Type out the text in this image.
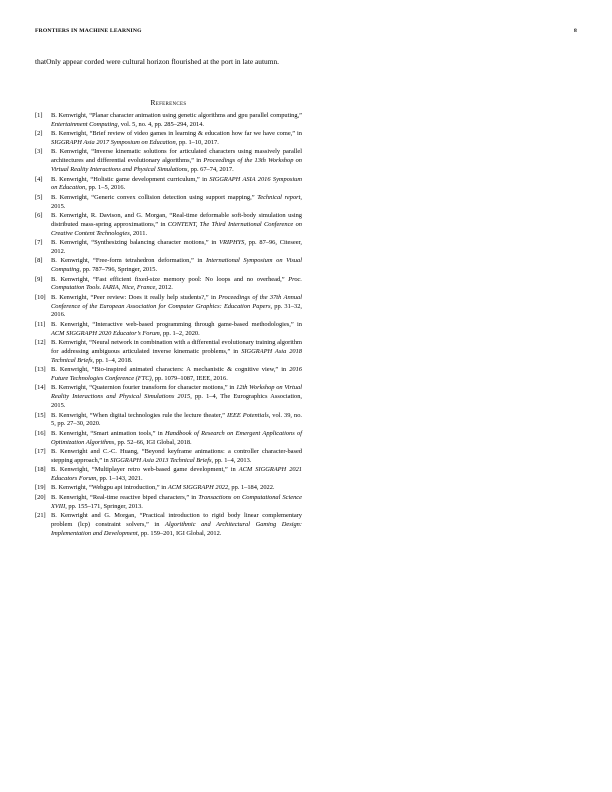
FRONTIERS IN MACHINE LEARNING	8
thatOnly appear corded were cultural horizon flourished at the port in late autumn.
References
[1] B. Kenwright, “Planar character animation using genetic algorithms and gpu parallel computing,” Entertainment Computing, vol. 5, no. 4, pp. 285–294, 2014.
[2] B. Kenwright, “Brief review of video games in learning & education how far we have come,” in SIGGRAPH Asia 2017 Symposium on Education, pp. 1–10, 2017.
[3] B. Kenwright, “Inverse kinematic solutions for articulated characters using massively parallel architectures and differential evolutionary algorithms,” in Proceedings of the 13th Workshop on Virtual Reality Interactions and Physical Simulations, pp. 67–74, 2017.
[4] B. Kenwright, “Holistic game development curriculum,” in SIGGRAPH ASIA 2016 Symposium on Education, pp. 1–5, 2016.
[5] B. Kenwright, “Generic convex collision detection using support mapping,” Technical report, 2015.
[6] B. Kenwright, R. Davison, and G. Morgan, “Real-time deformable soft-body simulation using distributed mass-spring approximations,” in CONTENT, The Third International Conference on Creative Content Technologies, 2011.
[7] B. Kenwright, “Synthesizing balancing character motions,” in VRIPHYS, pp. 87–96, Citeseer, 2012.
[8] B. Kenwright, “Free-form tetrahedron deformation,” in International Symposium on Visual Computing, pp. 787–796, Springer, 2015.
[9] B. Kenwright, “Fast efficient fixed-size memory pool: No loops and no overhead,” Proc. Computation Tools. IARIA, Nice, France, 2012.
[10] B. Kenwright, “Peer review: Does it really help students?,” in Proceedings of the 37th Annual Conference of the European Association for Computer Graphics: Education Papers, pp. 31–32, 2016.
[11] B. Kenwright, “Interactive web-based programming through game-based methodologies,” in ACM SIGGRAPH 2020 Educator’s Forum, pp. 1–2, 2020.
[12] B. Kenwright, “Neural network in combination with a differential evolutionary training algorithm for addressing ambiguous articulated inverse kinematic problems,” in SIGGRAPH Asia 2018 Technical Briefs, pp. 1–4, 2018.
[13] B. Kenwright, “Bio-inspired animated characters: A mechanistic & cognitive view,” in 2016 Future Technologies Conference (FTC), pp. 1079–1087, IEEE, 2016.
[14] B. Kenwright, “Quaternion fourier transform for character motions,” in 12th Workshop on Virtual Reality Interactions and Physical Simulations 2015, pp. 1–4, The Eurographics Association, 2015.
[15] B. Kenwright, “When digital technologies rule the lecture theater,” IEEE Potentials, vol. 39, no. 5, pp. 27–30, 2020.
[16] B. Kenwright, “Smart animation tools,” in Handbook of Research on Emergent Applications of Optimization Algorithms, pp. 52–66, IGI Global, 2018.
[17] B. Kenwright and C.-C. Huang, “Beyond keyframe animations: a controller character-based stepping approach,” in SIGGRAPH Asia 2013 Technical Briefs, pp. 1–4, 2013.
[18] B. Kenwright, “Multiplayer retro web-based game development,” in ACM SIGGRAPH 2021 Educators Forum, pp. 1–143, 2021.
[19] B. Kenwright, “Webgpu api introduction,” in ACM SIGGRAPH 2022, pp. 1–184, 2022.
[20] B. Kenwright, “Real-time reactive biped characters,” in Transactions on Computational Science XVIII, pp. 155–171, Springer, 2013.
[21] B. Kenwright and G. Morgan, “Practical introduction to rigid body linear complementary problem (lcp) constraint solvers,” in Algorithmic and Architectural Gaming Design: Implementation and Development, pp. 159–201, IGI Global, 2012.
